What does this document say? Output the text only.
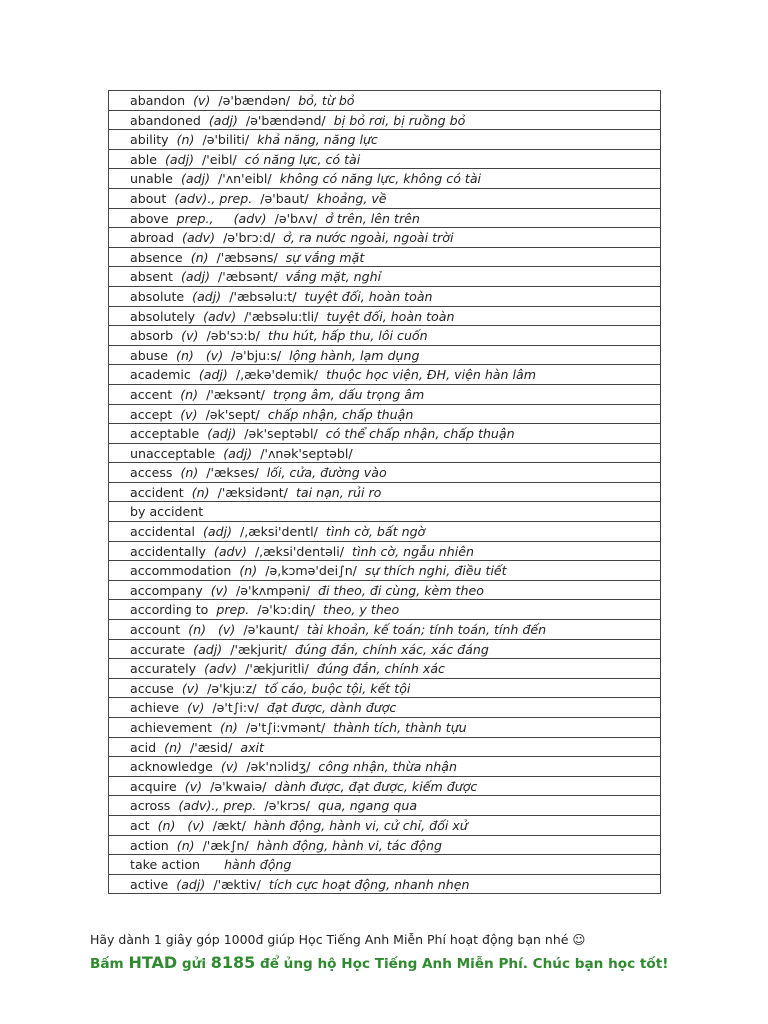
abandon (v) /ə'bændən/ bỏ, từ bỏ
abandoned (adj) /ə'bændənd/ bị bỏ rơi, bị ruồng bỏ
ability (n) /ə'biliti/ khả năng, năng lực
able (adj) /'eibl/ có năng lực, có tài
unable (adj) /'ʌn'eibl/ không có năng lực, không có tài
about (adv)., prep. /ə'baut/ khoảng, về
above prep.,     (adv) /ə'bʌv/ ở trên, lên trên
abroad (adv) /ə'brɔ:d/ ở, ra nước ngoài, ngoài trời
absence (n) /'æbsəns/ sự vắng mặt
absent (adj) /'æbsənt/ vắng mặt, nghỉ
absolute (adj) /'æbsəlu:t/ tuyệt đối, hoàn toàn
absolutely (adv) /'æbsəlu:tli/ tuyệt đối, hoàn toàn
absorb (v) /əb'sɔ:b/ thu hút, hấp thu, lôi cuốn
abuse (n)   (v) /ə'bju:s/ lộng hành, lạm dụng
academic (adj) /,ækə'demik/ thuộc học viện, ĐH, viện hàn lâm
accent (n) /'æksənt/ trọng âm, dấu trọng âm
accept (v) /ək'sept/ chấp nhận, chấp thuận
acceptable (adj) /ək'septəbl/ có thể chấp nhận, chấp thuận
unacceptable (adj) /'ʌnək'septəbl/
access (n) /'ækses/ lối, cửa, đường vào
accident (n) /'æksidənt/ tai nạn, rủi ro
by accident
accidental (adj) /,æksi'dentl/ tình cờ, bất ngờ
accidentally (adv) /,æksi'dentəli/ tình cờ, ngẫu nhiên
accommodation (n) /ə,kɔmə'dei∫n/ sự thích nghi, điều tiết
accompany (v) /ə'kʌmpəni/ đi theo, đi cùng, kèm theo
according to prep. /ə'kɔ:diɳ/ theo, y theo
account (n)   (v) /ə'kaunt/ tài khoản, kế toán; tính toán, tính đến
accurate (adj) /'ækjurit/ đúng đắn, chính xác, xác đáng
accurately (adv) /'ækjuritli/ đúng đắn, chính xác
accuse (v) /ə'kju:z/ tố cáo, buộc tội, kết tội
achieve (v) /ə't∫i:v/ đạt được, dành được
achievement (n) /ə't∫i:vmənt/ thành tích, thành tựu
acid (n) /'æsid/ axit
acknowledge (v) /ək'nɔlidʒ/ công nhận, thừa nhận
acquire (v) /ə'kwaiə/ dành được, đạt được, kiếm được
across (adv)., prep. /ə'krɔs/ qua, ngang qua
act (n)   (v) /ækt/ hành động, hành vi, cử chỉ, đối xử
action (n) /'æk∫n/ hành động, hành vi, tác động
take action hành động
active (adj) /'æktiv/ tích cực hoạt động, nhanh nhẹn

Hãy dành 1 giây góp 1000đ giúp Học Tiếng Anh Miễn Phí hoạt động bạn nhé ☺

Bấm HTAD gửi 8185 để ủng hộ Học Tiếng Anh Miễn Phí. Chúc bạn học tốt!
